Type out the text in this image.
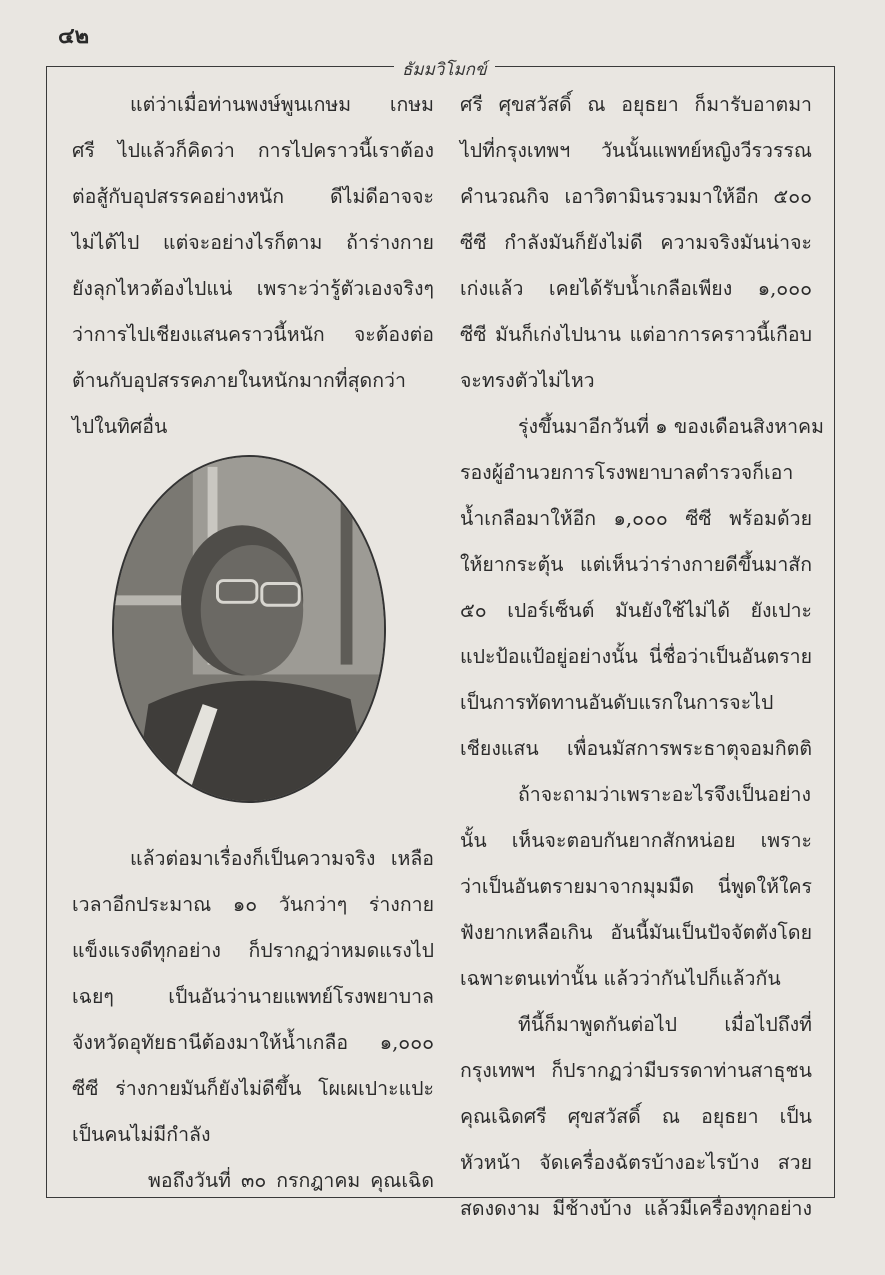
๔๒
ธัมมวิโมกข์
แต่ว่าเมื่อท่านพงษ์พูนเกษม เกษม
ศรี ไปแล้วก็คิดว่า การไปคราวนี้เราต้อง
ต่อสู้กับอุปสรรคอย่างหนัก ดีไม่ดีอาจจะ
ไม่ได้ไป แต่จะอย่างไรก็ตาม ถ้าร่างกาย
ยังลุกไหวต้องไปแน่ เพราะว่ารู้ตัวเองจริงๆ
ว่าการไปเชียงแสนคราวนี้หนัก จะต้องต่อ
ต้านกับอุปสรรคภายในหนักมากที่สุดกว่า
ไปในทิศอื่น
แล้วต่อมาเรื่องก็เป็นความจริง เหลือ
เวลาอีกประมาณ ๑๐ วันกว่าๆ ร่างกาย
แข็งแรงดีทุกอย่าง ก็ปรากฏว่าหมดแรงไป
เฉยๆ เป็นอันว่านายแพทย์โรงพยาบาล
จังหวัดอุทัยธานีต้องมาให้น้ำเกลือ ๑,๐๐๐
ซีซี ร่างกายมันก็ยังไม่ดีขึ้น โผเผเปาะแปะ
เป็นคนไม่มีกำลัง
พอถึงวันที่ ๓๐ กรกฎาคม คุณเฉิด
ศรี ศุขสวัสดิ์ ณ อยุธยา ก็มารับอาตมา
ไปที่กรุงเทพฯ วันนั้นแพทย์หญิงวีรวรรณ
คำนวณกิจ เอาวิตามินรวมมาให้อีก ๕๐๐
ซีซี กำลังมันก็ยังไม่ดี ความจริงมันน่าจะ
เก่งแล้ว เคยได้รับน้ำเกลือเพียง ๑,๐๐๐
ซีซี มันก็เก่งไปนาน แต่อาการคราวนี้เกือบ
จะทรงตัวไม่ไหว
รุ่งขึ้นมาอีกวันที่ ๑ ของเดือนสิงหาคม
รองผู้อำนวยการโรงพยาบาลตำรวจก็เอา
น้ำเกลือมาให้อีก ๑,๐๐๐ ซีซี พร้อมด้วย
ให้ยากระตุ้น แต่เห็นว่าร่างกายดีขึ้นมาสัก
๕๐ เปอร์เซ็นต์ มันยังใช้ไม่ได้ ยังเปาะ
แปะป้อแป้อยู่อย่างนั้น นี่ชื่อว่าเป็นอันตราย
เป็นการทัดทานอันดับแรกในการจะไป
เชียงแสน เพื่อนมัสการพระธาตุจอมกิตติ
ถ้าจะถามว่าเพราะอะไรจึงเป็นอย่าง
นั้น เห็นจะตอบกันยากสักหน่อย เพราะ
ว่าเป็นอันตรายมาจากมุมมืด นี่พูดให้ใคร
ฟังยากเหลือเกิน อันนี้มันเป็นปัจจัตตังโดย
เฉพาะตนเท่านั้น แล้วว่ากันไปก็แล้วกัน
ทีนี้ก็มาพูดกันต่อไป เมื่อไปถึงที่
กรุงเทพฯ ก็ปรากฏว่ามีบรรดาท่านสาธุชน
คุณเฉิดศรี ศุขสวัสดิ์ ณ อยุธยา เป็น
หัวหน้า จัดเครื่องฉัตรบ้างอะไรบ้าง สวย
สดงดงาม มีช้างบ้าง แล้วมีเครื่องทุกอย่าง
